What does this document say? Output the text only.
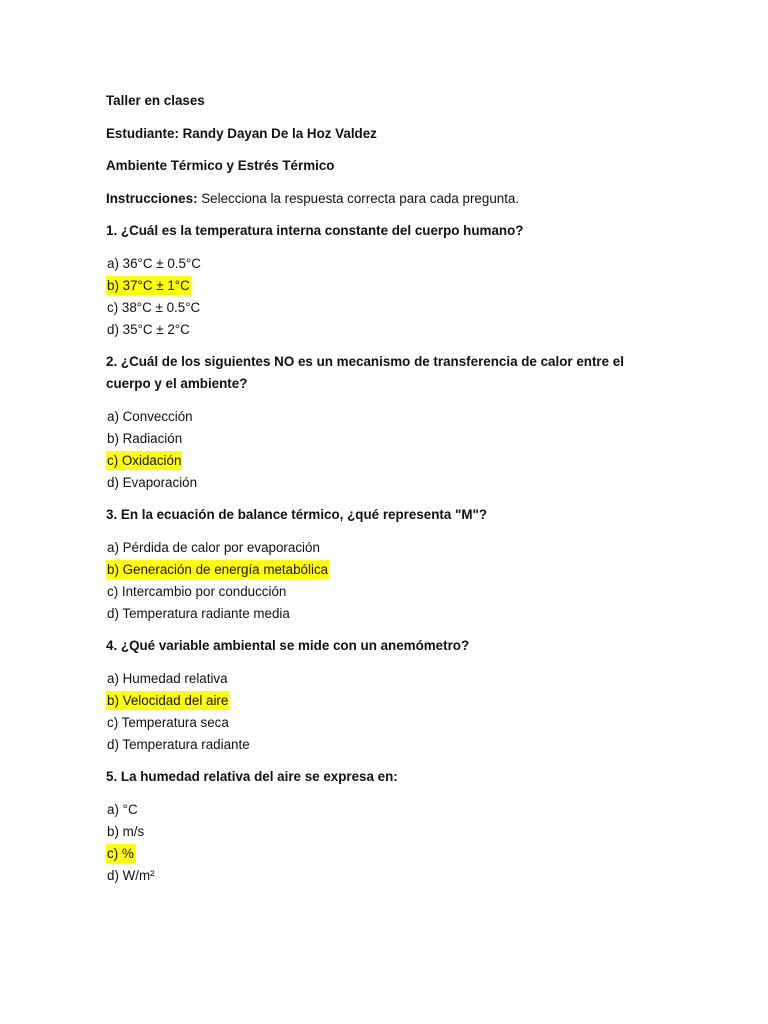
Taller en clases
Estudiante: Randy Dayan De la Hoz Valdez
Ambiente Térmico y Estrés Térmico
Instrucciones: Selecciona la respuesta correcta para cada pregunta.
1. ¿Cuál es la temperatura interna constante del cuerpo humano?
a) 36°C ± 0.5°C
b) 37°C ± 1°C
c) 38°C ± 0.5°C
d) 35°C ± 2°C
2. ¿Cuál de los siguientes NO es un mecanismo de transferencia de calor entre el cuerpo y el ambiente?
a) Convección
b) Radiación
c) Oxidación
d) Evaporación
3. En la ecuación de balance térmico, ¿qué representa "M"?
a) Pérdida de calor por evaporación
b) Generación de energía metabólica
c) Intercambio por conducción
d) Temperatura radiante media
4. ¿Qué variable ambiental se mide con un anemómetro?
a) Humedad relativa
b) Velocidad del aire
c) Temperatura seca
d) Temperatura radiante
5. La humedad relativa del aire se expresa en:
a) °C
b) m/s
c) %
d) W/m²
